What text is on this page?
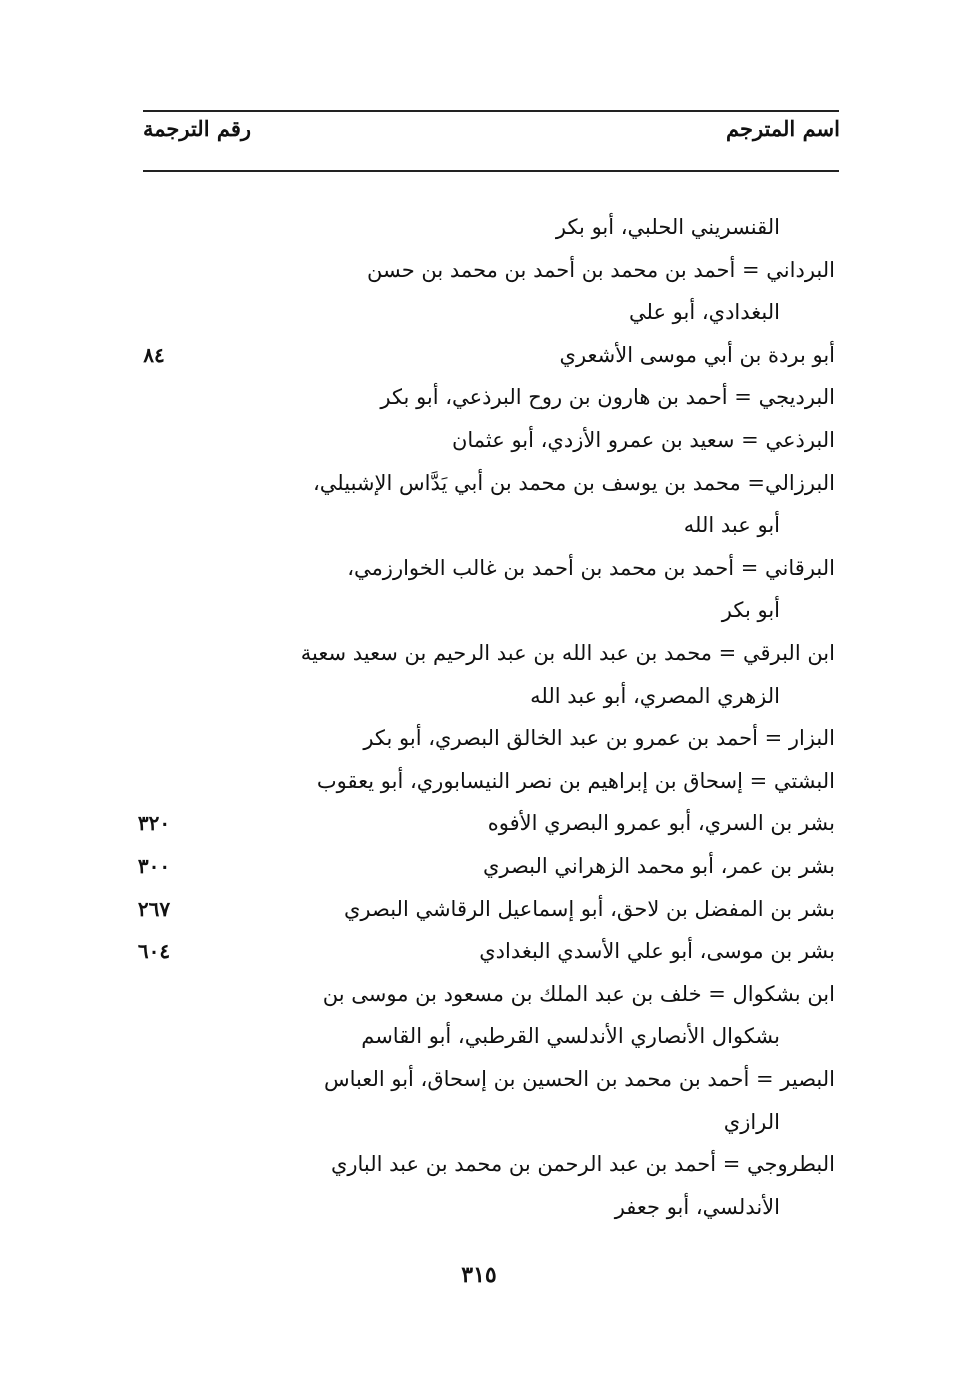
اسم المترجم
رقم الترجمة
القنسريني الحلبي، أبو بكر
البرداني = أحمد بن محمد بن أحمد بن محمد بن حسن
البغدادي، أبو علي
أبو بردة بن أبي موسى الأشعري
٨٤
البرديجي = أحمد بن هارون بن روح البرذعي، أبو بكر
البرذعي = سعيد بن عمرو الأزدي، أبو عثمان
البرزالي= محمد بن يوسف بن محمد بن أبي يَدَّاس الإشبيلي،
أبو عبد الله
البرقاني = أحمد بن محمد بن أحمد بن غالب الخوارزمي،
أبو بكر
ابن البرقي = محمد بن عبد الله بن عبد الرحيم بن سعيد سعية
الزهري المصري، أبو عبد الله
البزار = أحمد بن عمرو بن عبد الخالق البصري، أبو بكر
البشتي = إسحاق بن إبراهيم بن نصر النيسابوري، أبو يعقوب
بشر بن السري، أبو عمرو البصري الأفوه
٣٢٠
بشر بن عمر، أبو محمد الزهراني البصري
٣٠٠
بشر بن المفضل بن لاحق، أبو إسماعيل الرقاشي البصري
٢٦٧
بشر بن موسى، أبو علي الأسدي البغدادي
٦٠٤
ابن بشكوال = خلف بن عبد الملك بن مسعود بن موسى بن
بشكوال الأنصاري الأندلسي القرطبي، أبو القاسم
البصير = أحمد بن محمد بن الحسين بن إسحاق، أبو العباس
الرازي
البطروجي = أحمد بن عبد الرحمن بن محمد بن عبد الباري
الأندلسي، أبو جعفر
٣١٥
